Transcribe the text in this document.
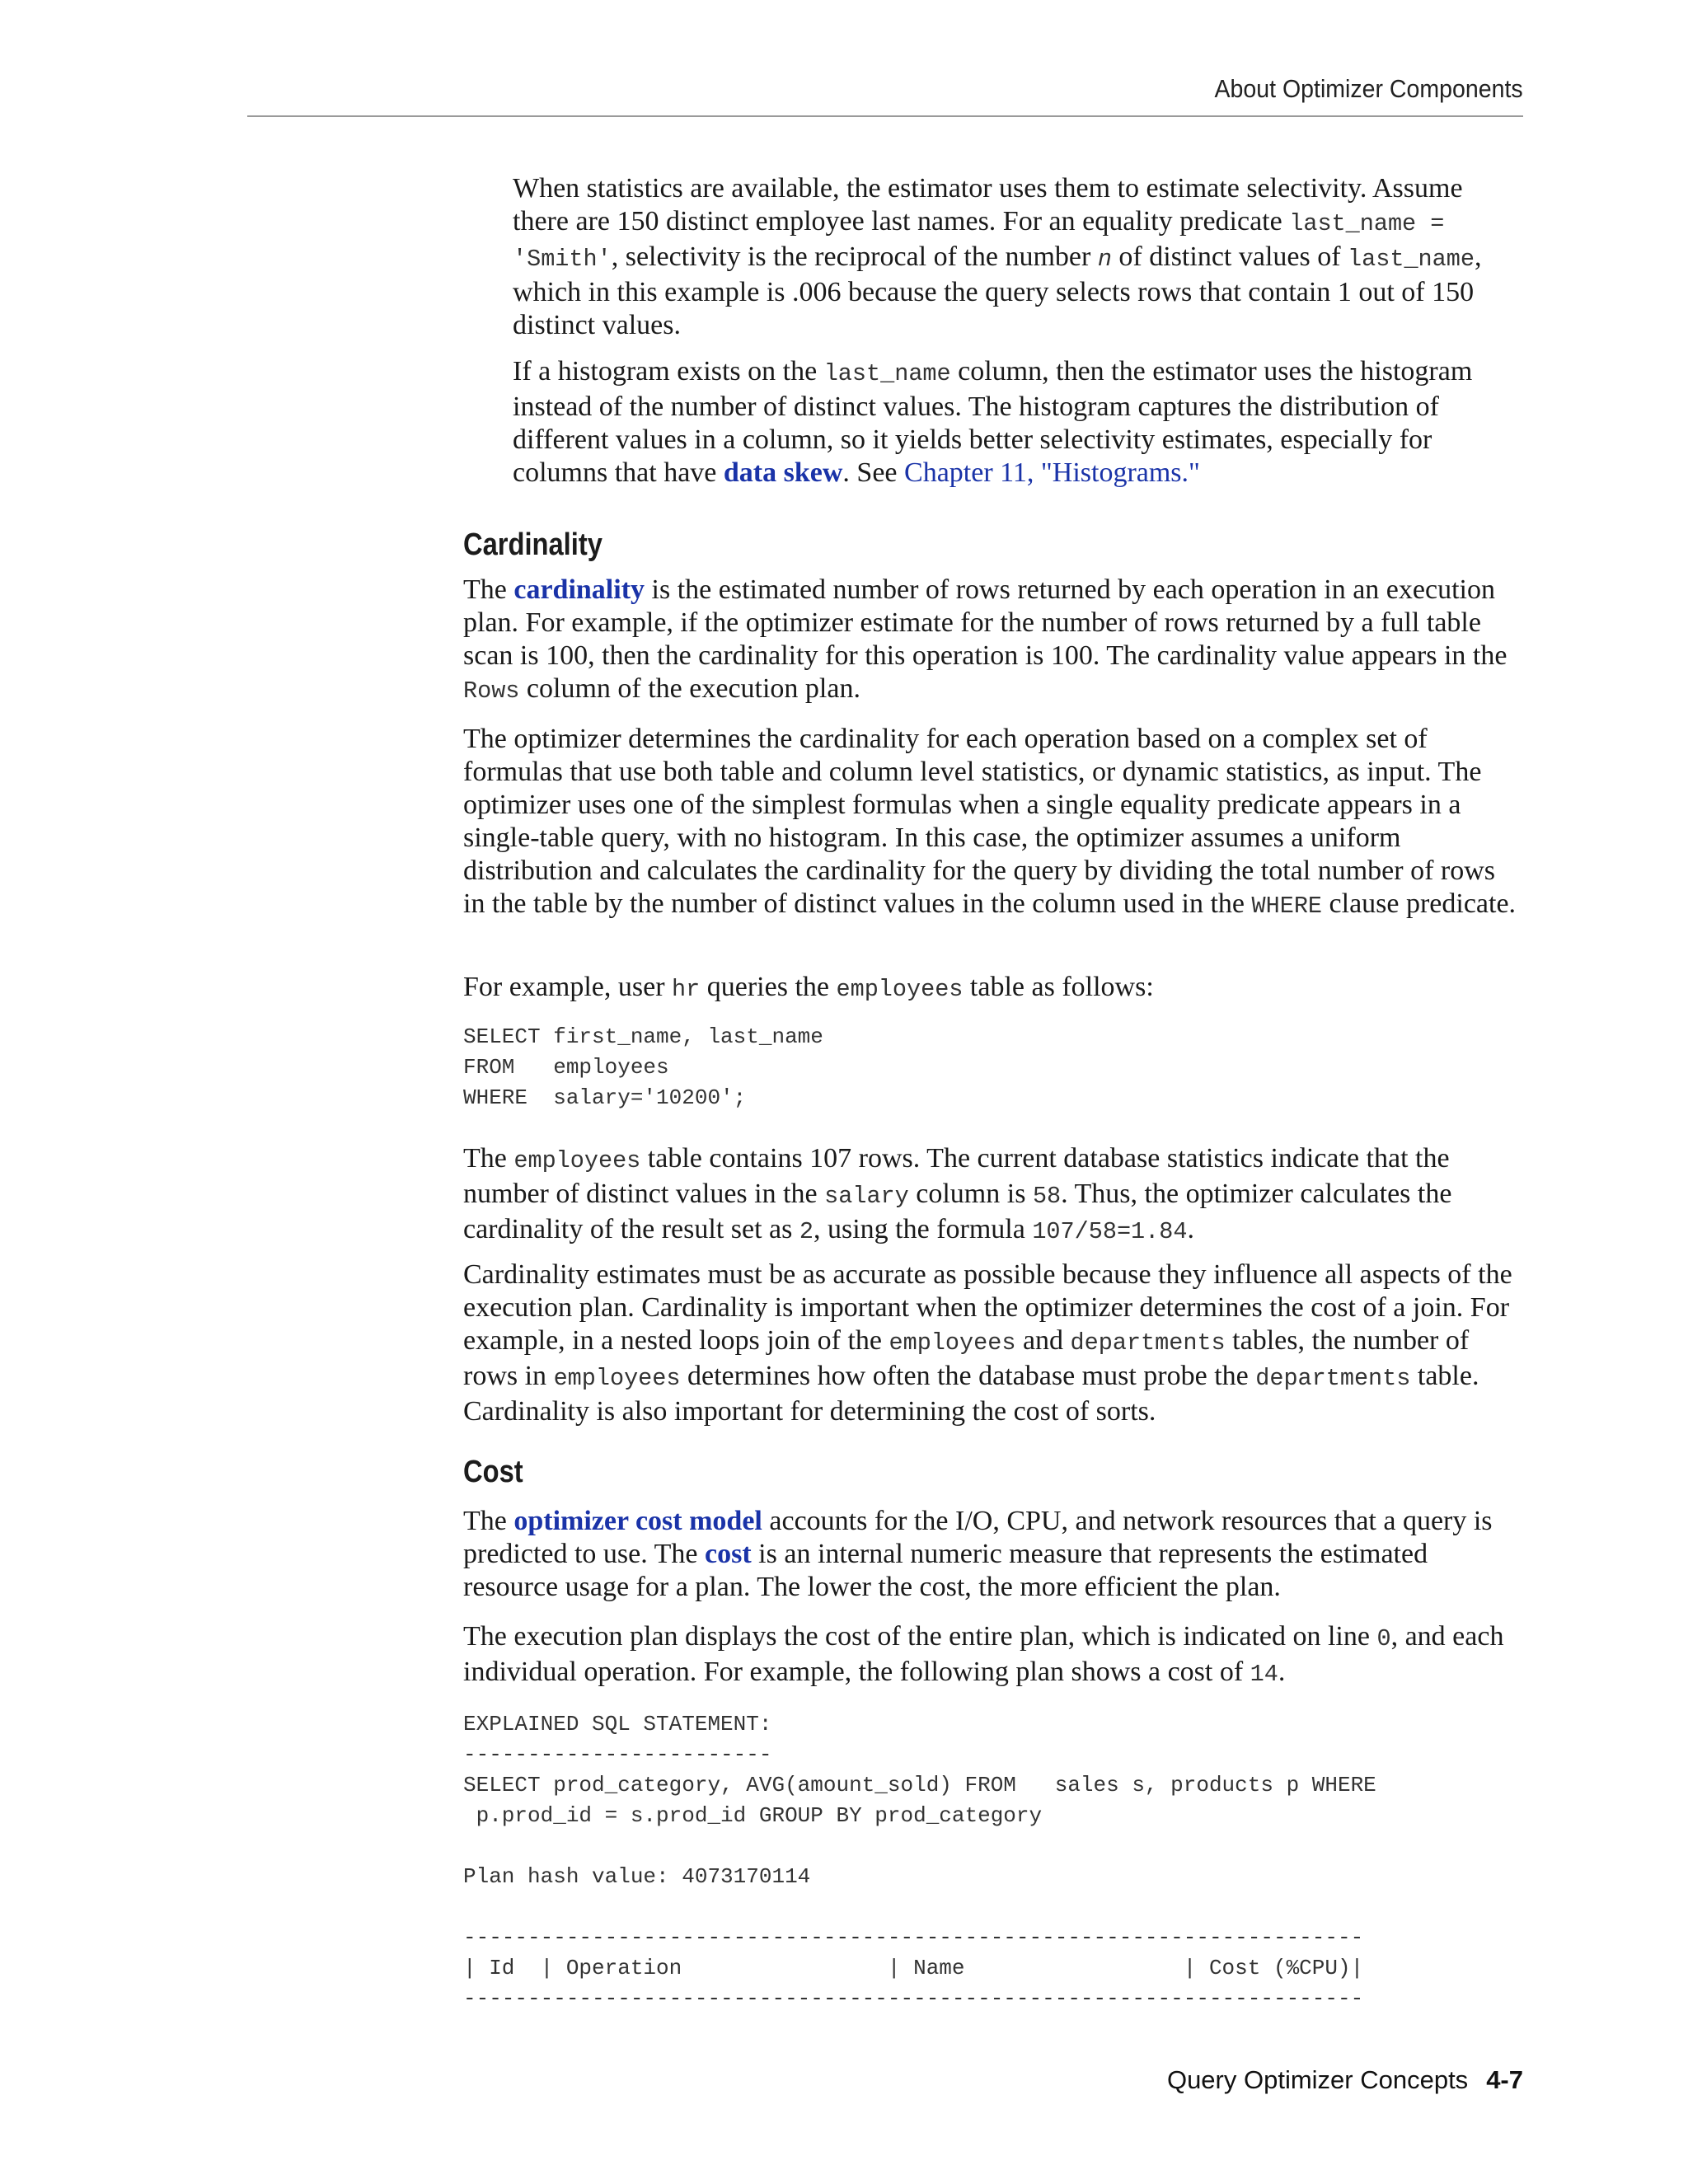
About Optimizer Components

When statistics are available, the estimator uses them to estimate selectivity. Assume there are 150 distinct employee last names. For an equality predicate last_name = 'Smith', selectivity is the reciprocal of the number n of distinct values of last_name, which in this example is .006 because the query selects rows that contain 1 out of 150 distinct values.

If a histogram exists on the last_name column, then the estimator uses the histogram instead of the number of distinct values. The histogram captures the distribution of different values in a column, so it yields better selectivity estimates, especially for columns that have data skew. See Chapter 11, "Histograms."

Cardinality

The cardinality is the estimated number of rows returned by each operation in an execution plan. For example, if the optimizer estimate for the number of rows returned by a full table scan is 100, then the cardinality for this operation is 100. The cardinality value appears in the Rows column of the execution plan.

The optimizer determines the cardinality for each operation based on a complex set of formulas that use both table and column level statistics, or dynamic statistics, as input. The optimizer uses one of the simplest formulas when a single equality predicate appears in a single-table query, with no histogram. In this case, the optimizer assumes a uniform distribution and calculates the cardinality for the query by dividing the total number of rows in the table by the number of distinct values in the column used in the WHERE clause predicate.

For example, user hr queries the employees table as follows:

SELECT first_name, last_name
FROM   employees
WHERE  salary='10200';

The employees table contains 107 rows. The current database statistics indicate that the number of distinct values in the salary column is 58. Thus, the optimizer calculates the cardinality of the result set as 2, using the formula 107/58=1.84.

Cardinality estimates must be as accurate as possible because they influence all aspects of the execution plan. Cardinality is important when the optimizer determines the cost of a join. For example, in a nested loops join of the employees and departments tables, the number of rows in employees determines how often the database must probe the departments table. Cardinality is also important for determining the cost of sorts.

Cost

The optimizer cost model accounts for the I/O, CPU, and network resources that a query is predicted to use. The cost is an internal numeric measure that represents the estimated resource usage for a plan. The lower the cost, the more efficient the plan.

The execution plan displays the cost of the entire plan, which is indicated on line 0, and each individual operation. For example, the following plan shows a cost of 14.

EXPLAINED SQL STATEMENT:
------------------------
SELECT prod_category, AVG(amount_sold) FROM   sales s, products p WHERE
p.prod_id = s.prod_id GROUP BY prod_category

Plan hash value: 4073170114

----------------------------------------------------------------------
| Id  | Operation                | Name                 | Cost (%CPU)|
----------------------------------------------------------------------
Query Optimizer Concepts 4-7
